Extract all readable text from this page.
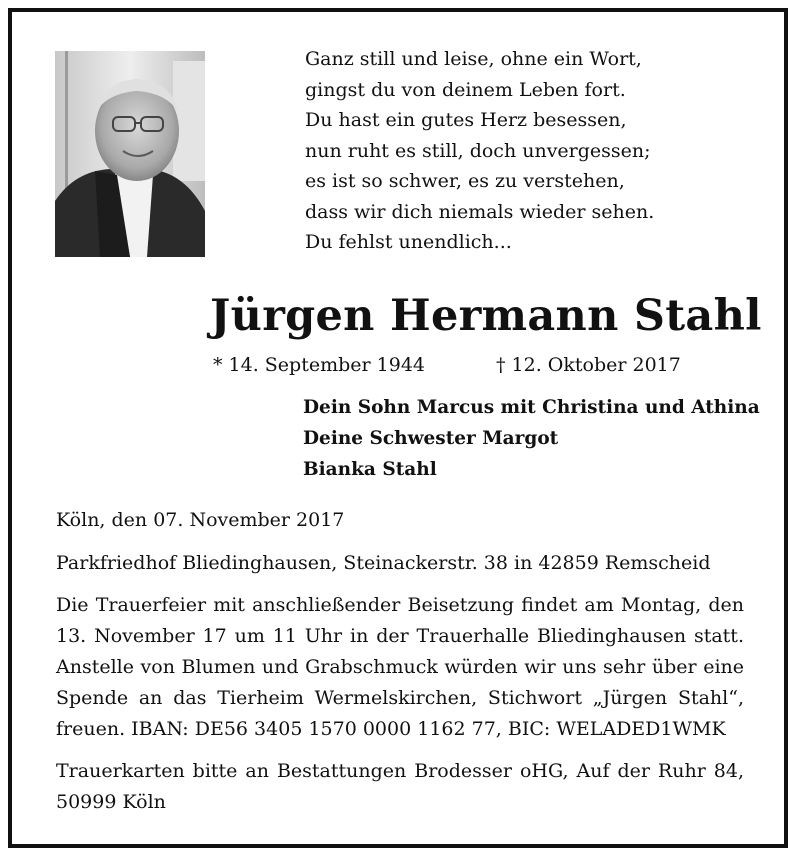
Ganz still und leise, ohne ein Wort,
gingst du von deinem Leben fort.
Du hast ein gutes Herz besessen,
nun ruht es still, doch unvergessen;
es ist so schwer, es zu verstehen,
dass wir dich niemals wieder sehen.
Du fehlst unendlich...
Jürgen Hermann Stahl
* 14. September 1944	† 12. Oktober 2017
Dein Sohn Marcus mit Christina und Athina
Deine Schwester Margot
Bianka Stahl
Köln, den 07. November 2017
Parkfriedhof Bliedinghausen, Steinackerstr. 38 in 42859 Remscheid
Die Trauerfeier mit anschließender Beisetzung findet am Montag, den 13. November 17 um 11 Uhr in der Trauerhalle Bliedinghausen statt. Anstelle von Blumen und Grabschmuck würden wir uns sehr über eine Spende an das Tierheim Wermelskirchen, Stichwort „Jürgen Stahl“, freuen. IBAN: DE56 3405 1570 0000 1162 77, BIC: WELADED1WMK
Trauerkarten bitte an Bestattungen Brodesser oHG, Auf der Ruhr 84, 50999 Köln
